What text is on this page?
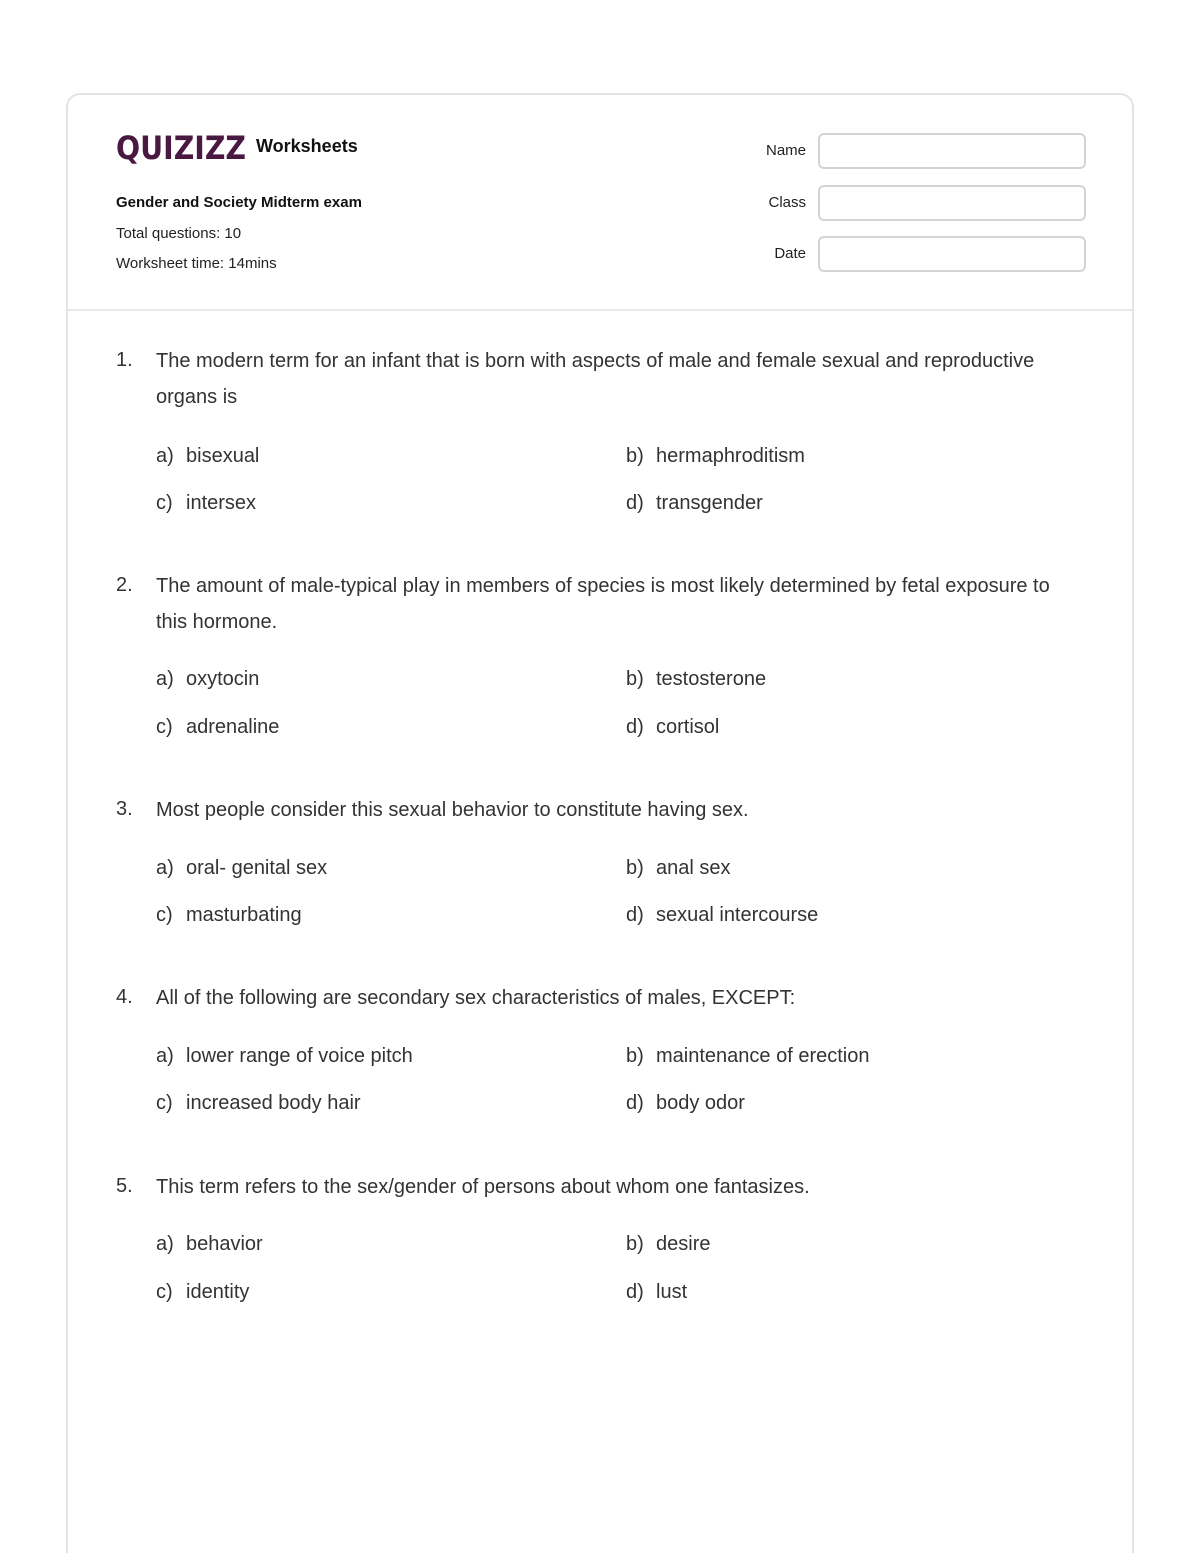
QUIZIZZ Worksheets
Gender and Society Midterm exam
Total questions: 10
Worksheet time: 14mins
Name
Class
Date
1. The modern term for an infant that is born with aspects of male and female sexual and reproductive organs is
a) bisexual	b) hermaphroditism
c) intersex	d) transgender
2. The amount of male-typical play in members of species is most likely determined by fetal exposure to this hormone.
a) oxytocin	b) testosterone
c) adrenaline	d) cortisol
3. Most people consider this sexual behavior to constitute having sex.
a) oral- genital sex	b) anal sex
c) masturbating	d) sexual intercourse
4. All of the following are secondary sex characteristics of males, EXCEPT:
a) lower range of voice pitch	b) maintenance of erection
c) increased body hair	d) body odor
5. This term refers to the sex/gender of persons about whom one fantasizes.
a) behavior	b) desire
c) identity	d) lust
